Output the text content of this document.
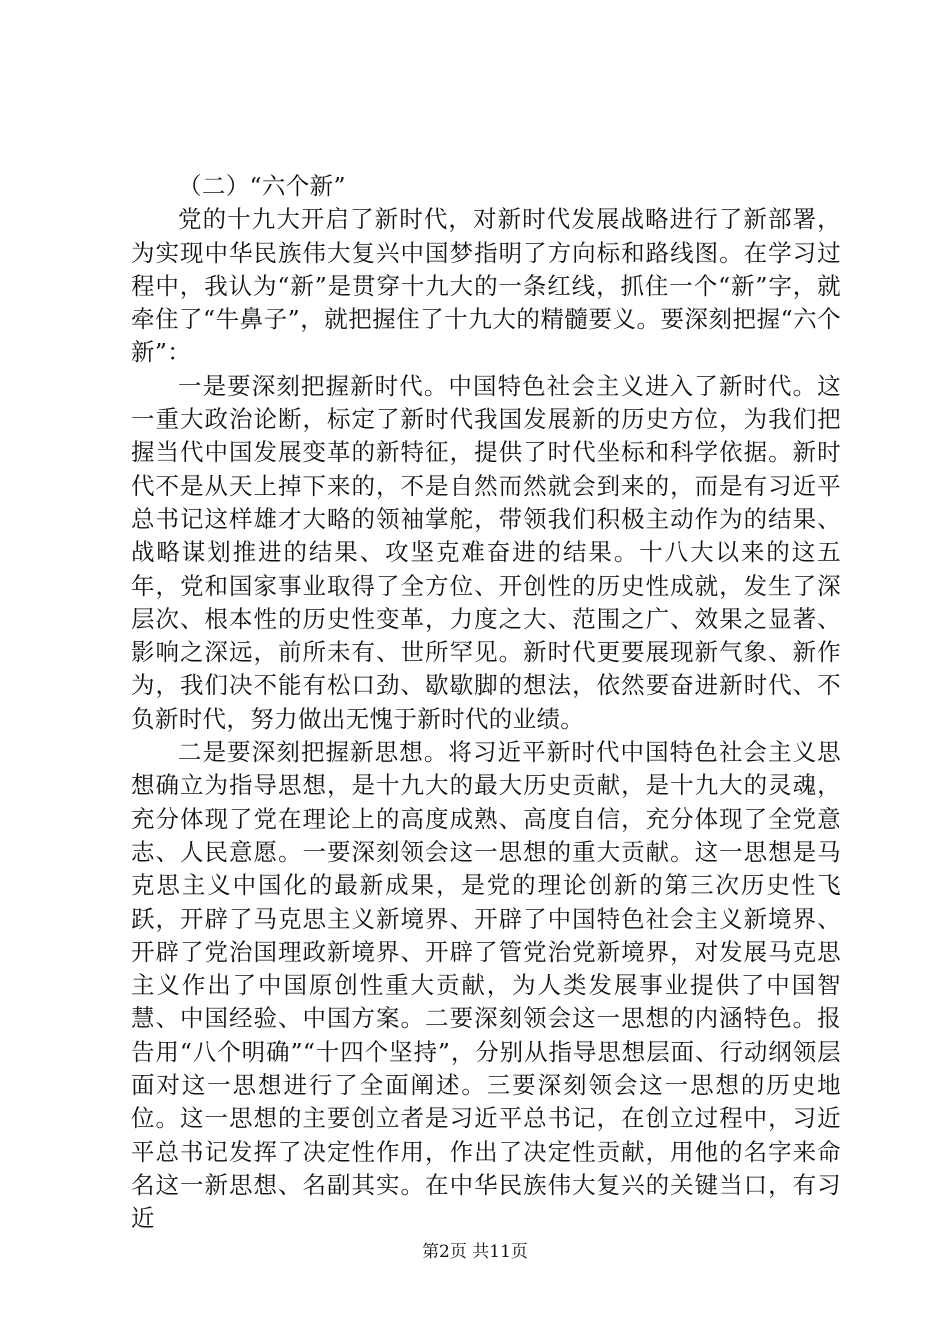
（二）“六个新”

党的十九大开启了新时代，对新时代发展战略进行了新部署，为实现中华民族伟大复兴中国梦指明了方向标和路线图。在学习过程中，我认为“新”是贯穿十九大的一条红线，抓住一个“新”字，就牵住了“牛鼻子”，就把握住了十九大的精髓要义。要深刻把握“六个新”：

一是要深刻把握新时代。中国特色社会主义进入了新时代。这一重大政治论断，标定了新时代我国发展新的历史方位，为我们把握当代中国发展变革的新特征，提供了时代坐标和科学依据。新时代不是从天上掉下来的，不是自然而然就会到来的，而是有习近平总书记这样雄才大略的领袖掌舵，带领我们积极主动作为的结果、战略谋划推进的结果、攻坚克难奋进的结果。十八大以来的这五年，党和国家事业取得了全方位、开创性的历史性成就，发生了深层次、根本性的历史性变革，力度之大、范围之广、效果之显著、影响之深远，前所未有、世所罕见。新时代更要展现新气象、新作为，我们决不能有松口劲、歇歇脚的想法，依然要奋进新时代、不负新时代，努力做出无愧于新时代的业绩。

二是要深刻把握新思想。将习近平新时代中国特色社会主义思想确立为指导思想，是十九大的最大历史贡献，是十九大的灵魂，充分体现了党在理论上的高度成熟、高度自信，充分体现了全党意志、人民意愿。一要深刻领会这一思想的重大贡献。这一思想是马克思主义中国化的最新成果，是党的理论创新的第三次历史性飞跃，开辟了马克思主义新境界、开辟了中国特色社会主义新境界、开辟了党治国理政新境界、开辟了管党治党新境界，对发展马克思主义作出了中国原创性重大贡献，为人类发展事业提供了中国智慧、中国经验、中国方案。二要深刻领会这一思想的内涵特色。报告用“八个明确”“十四个坚持”，分别从指导思想层面、行动纲领层面对这一思想进行了全面阐述。三要深刻领会这一思想的历史地位。这一思想的主要创立者是习近平总书记，在创立过程中，习近平总书记发挥了决定性作用，作出了决定性贡献，用他的名字来命名这一新思想、名副其实。在中华民族伟大复兴的关键当口，有习近

第2页 共11页
